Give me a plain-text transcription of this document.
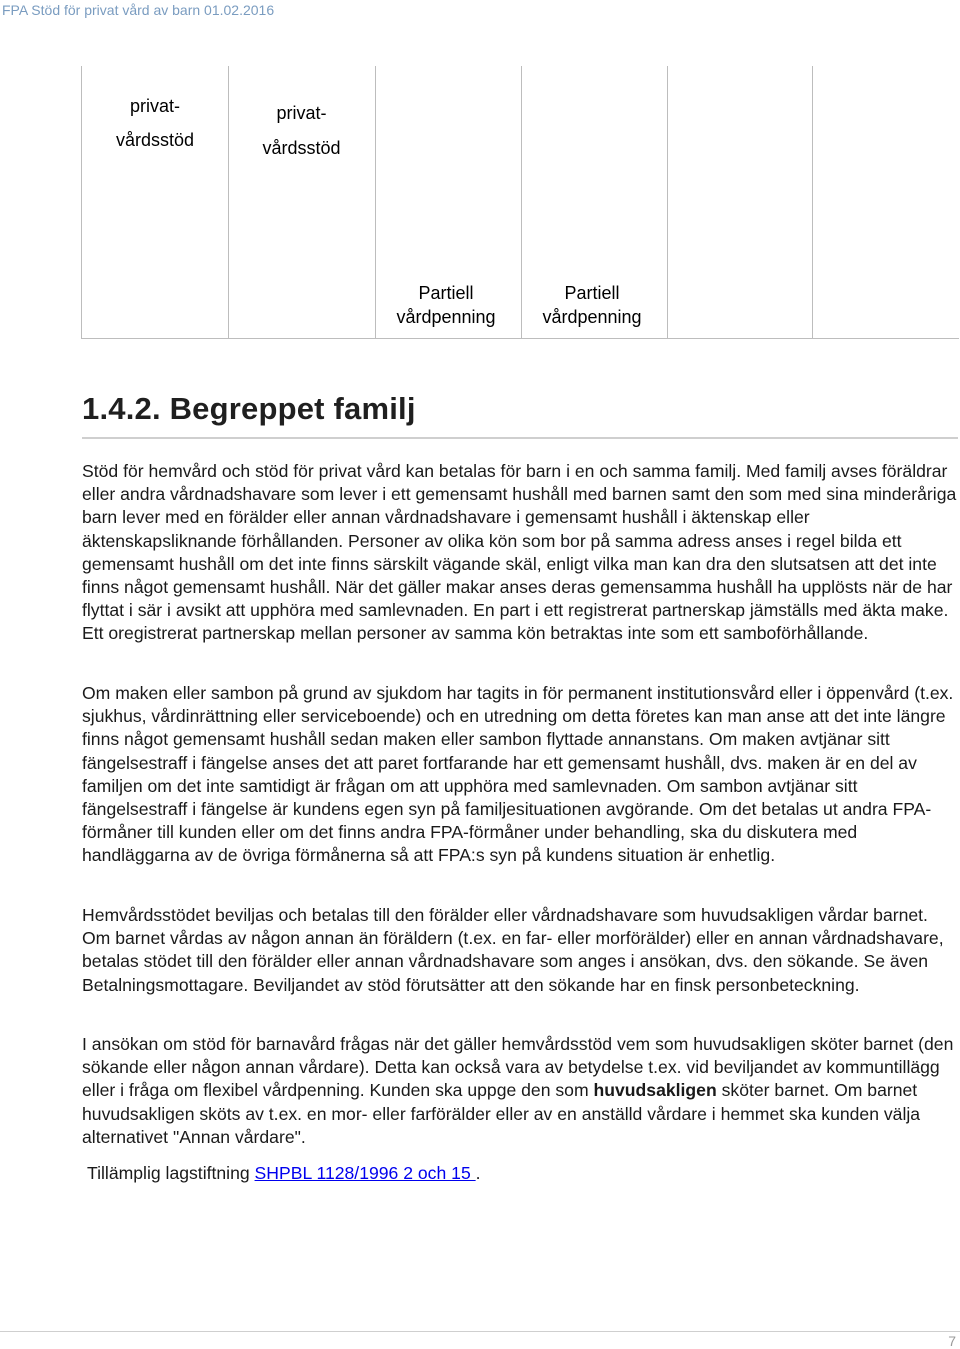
FPA Stöd för privat vård av barn 01.02.2016
privat-
vårdsstöd
privat-
vårdsstöd
Partiell
vårdpenning
Partiell
vårdpenning
1.4.2. Begreppet familj

Stöd för hemvård och stöd för privat vård kan betalas för barn i en och samma familj. Med familj avses föräldrar eller andra vårdnadshavare som lever i ett gemensamt hushåll med barnen samt den som med sina minderåriga barn lever med en förälder eller annan vårdnadshavare i gemensamt hushåll i äktenskap eller äktenskapsliknande förhållanden. Personer av olika kön som bor på samma adress anses i regel bilda ett gemensamt hushåll om det inte finns särskilt vägande skäl, enligt vilka man kan dra den slutsatsen att det inte finns något gemensamt hushåll. När det gäller makar anses deras gemensamma hushåll ha upplösts när de har flyttat i sär i avsikt att upphöra med samlevnaden. En part i ett registrerat partnerskap jämställs med äkta make. Ett oregistrerat partnerskap mellan personer av samma kön betraktas inte som ett samboförhållande.

Om maken eller sambon på grund av sjukdom har tagits in för permanent institutionsvård eller i öppenvård (t.ex. sjukhus, vårdinrättning eller serviceboende) och en utredning om detta företes kan man anse att det inte längre finns något gemensamt hushåll sedan maken eller sambon flyttade annanstans. Om maken avtjänar sitt fängelsestraff i fängelse anses det att paret fortfarande har ett gemensamt hushåll, dvs. maken är en del av familjen om det inte samtidigt är frågan om att upphöra med samlevnaden. Om sambon avtjänar sitt fängelsestraff i fängelse är kundens egen syn på familjesituationen avgörande. Om det betalas ut andra FPA-förmåner till kunden eller om det finns andra FPA-förmåner under behandling, ska du diskutera med handläggarna av de övriga förmånerna så att FPA:s syn på kundens situation är enhetlig.

Hemvårdsstödet beviljas och betalas till den förälder eller vårdnadshavare som huvudsakligen vårdar barnet. Om barnet vårdas av någon annan än föräldern (t.ex. en far- eller morförälder) eller en annan vårdnadshavare, betalas stödet till den förälder eller annan vårdnadshavare som anges i ansökan, dvs. den sökande. Se även Betalningsmottagare. Beviljandet av stöd förutsätter att den sökande har en finsk personbeteckning.

I ansökan om stöd för barnavård frågas när det gäller hemvårdsstöd vem som huvudsakligen sköter barnet (den sökande eller någon annan vårdare). Detta kan också vara av betydelse t.ex. vid beviljandet av kommuntillägg eller i fråga om flexibel vårdpenning. Kunden ska uppge den som huvudsakligen sköter barnet. Om barnet huvudsakligen sköts av t.ex. en mor- eller farförälder eller av en anställd vårdare i hemmet ska kunden välja alternativet "Annan vårdare".

Tillämplig lagstiftning SHPBL 1128/1996 2 och 15 .

7
